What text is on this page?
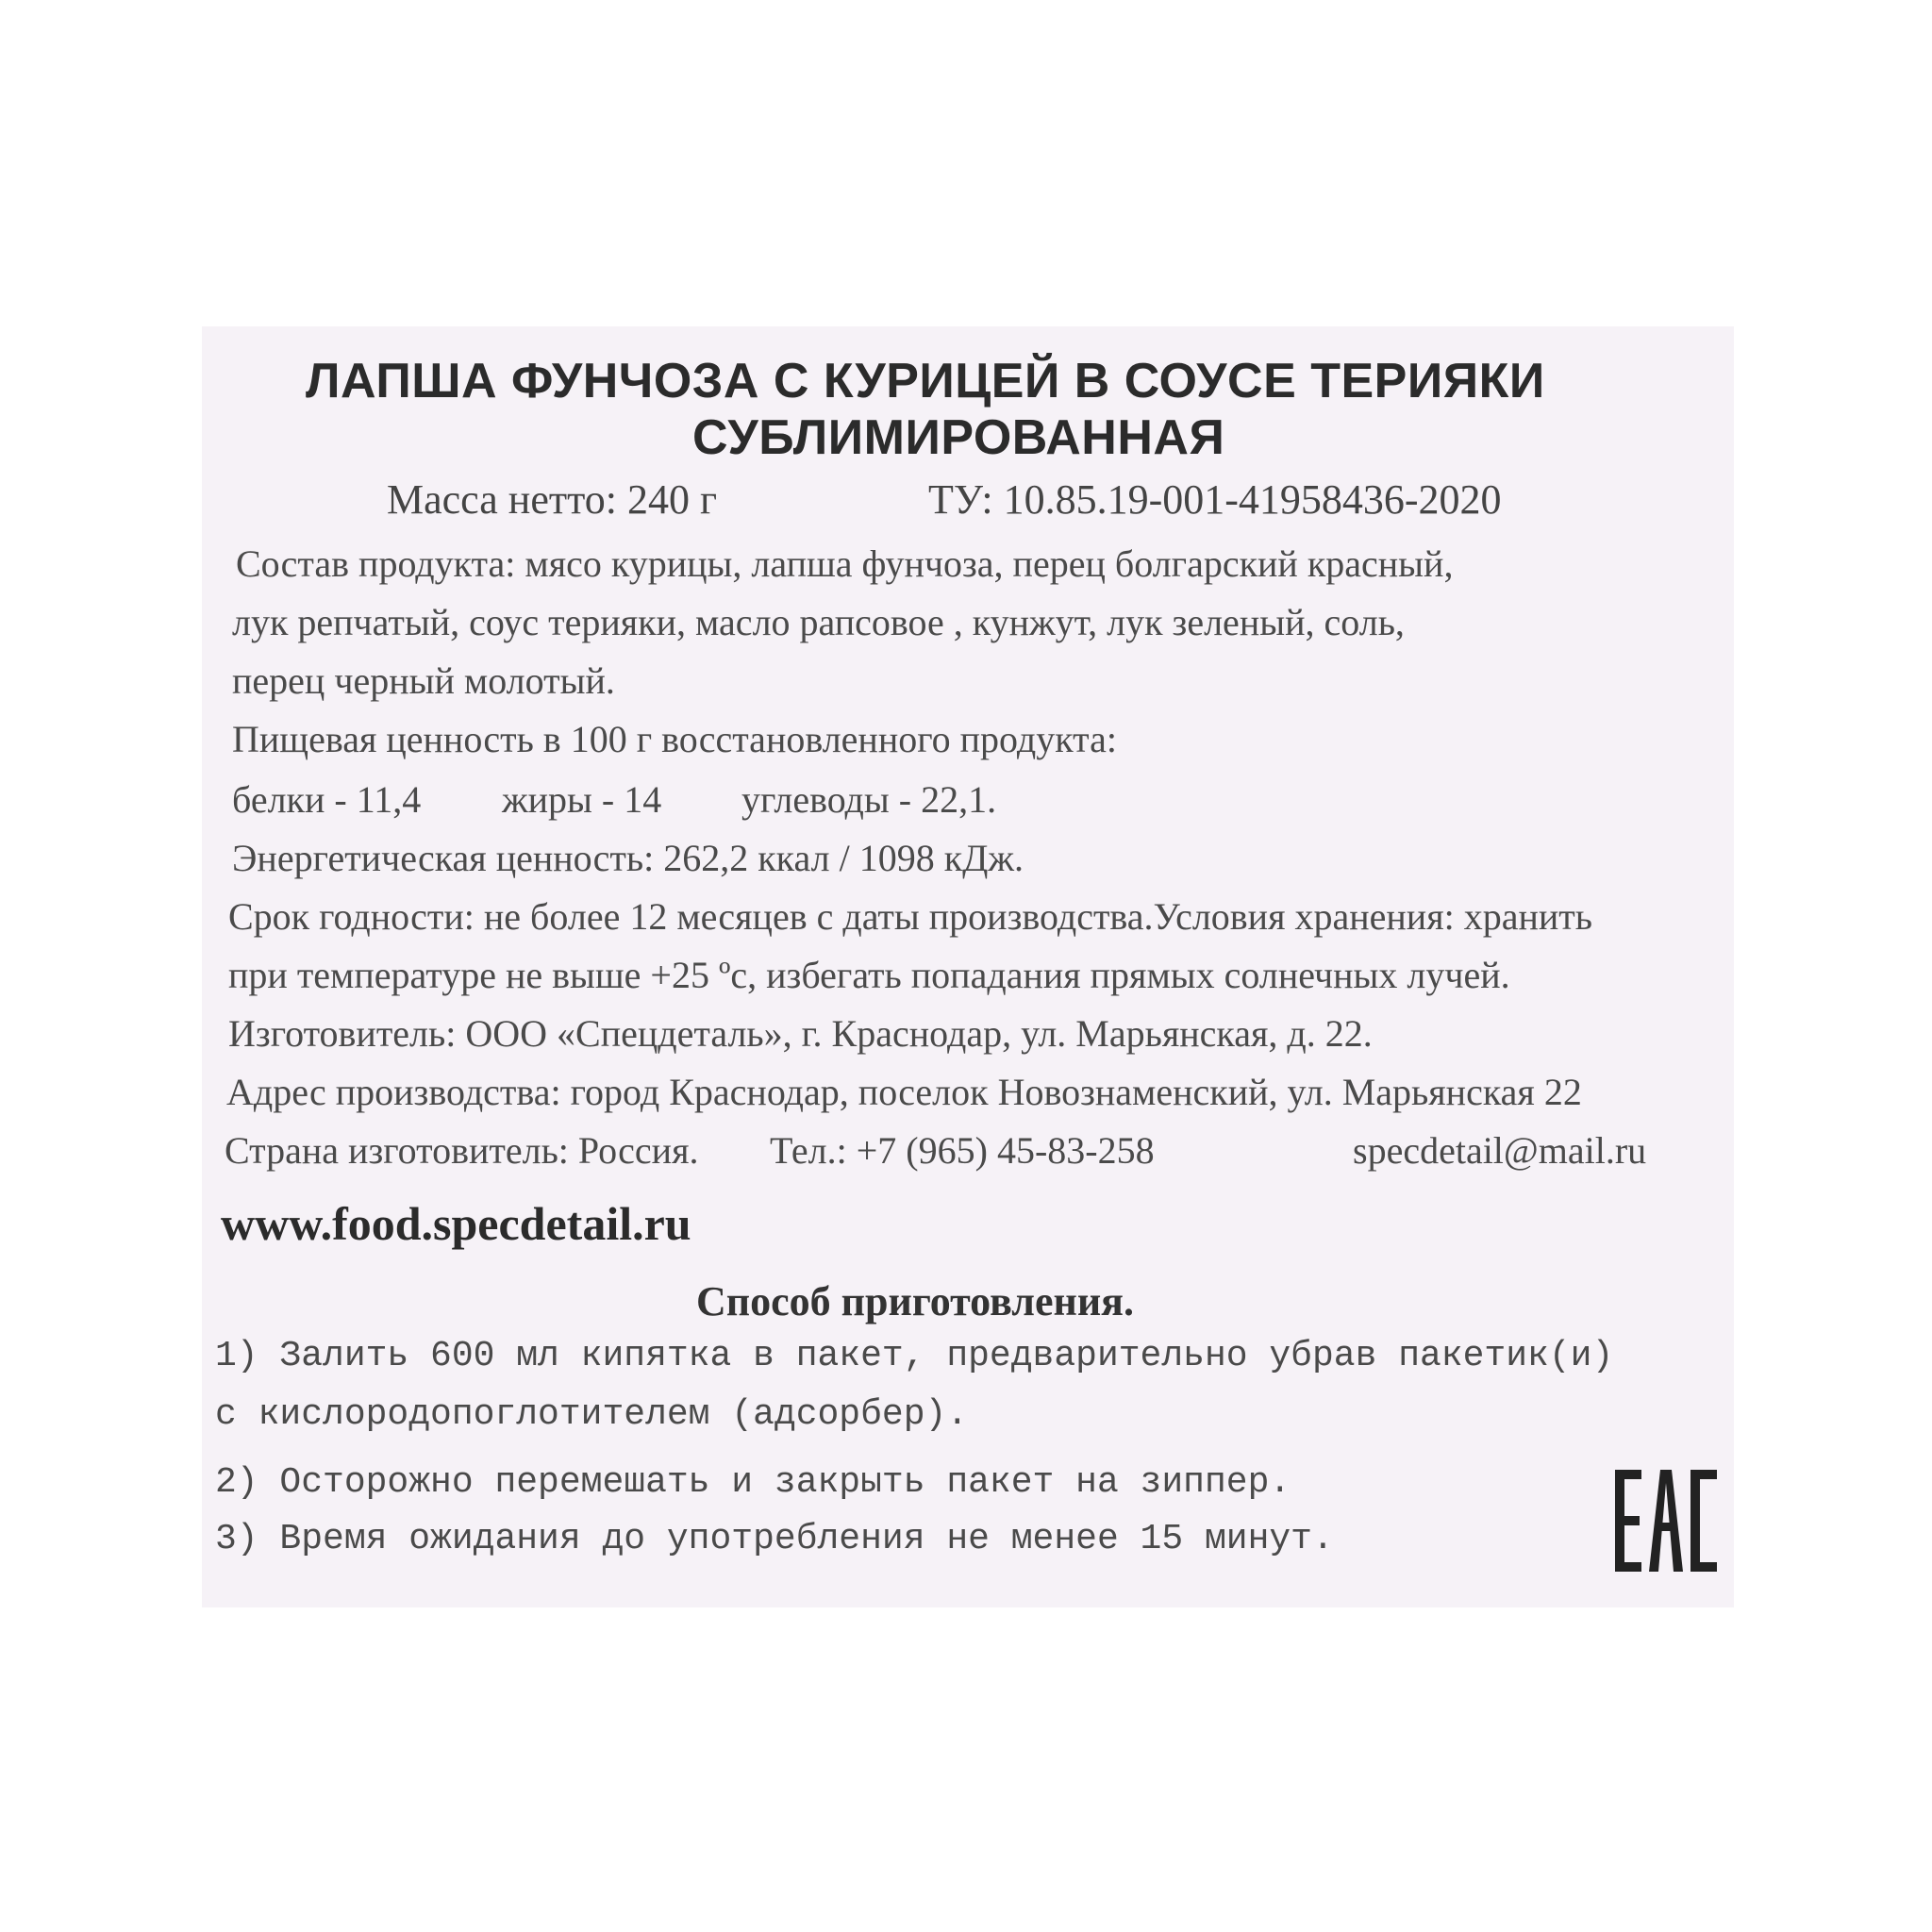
ЛАПША ФУНЧОЗА С КУРИЦЕЙ В СОУСЕ ТЕРИЯКИ

СУБЛИМИРОВАННАЯ

Масса нетто: 240 г	ТУ: 10.85.19-001-41958436-2020

Состав продукта: мясо курицы, лапша фунчоза, перец болгарский красный,

лук репчатый, соус терияки, масло рапсовое , кунжут, лук зеленый, соль,

перец черный молотый.

Пищевая ценность в 100 г восстановленного продукта:

белки - 11,4 жиры - 14 углеводы - 22,1.

Энергетическая ценность: 262,2 ккал / 1098 кДж.

Срок годности: не более 12 месяцев с даты производства.Условия хранения: хранить

при температуре не выше +25 ºc, избегать попадания прямых солнечных лучей.

Изготовитель: ООО «Спецдеталь», г. Краснодар, ул. Марьянская, д. 22.

Адрес производства: город Краснодар, поселок Новознаменский, ул. Марьянская 22

Страна изготовитель: Россия. Тел.: +7 (965) 45-83-258	specdetail@mail.ru

www.food.specdetail.ru

Способ приготовления.

1) Залить 600 мл кипятка в пакет, предварительно убрав пакетик(и)

с кислородопоглотителем (адсорбер).

2) Осторожно перемешать и закрыть пакет на зиппер.

3) Время ожидания до употребления не менее 15 минут.
